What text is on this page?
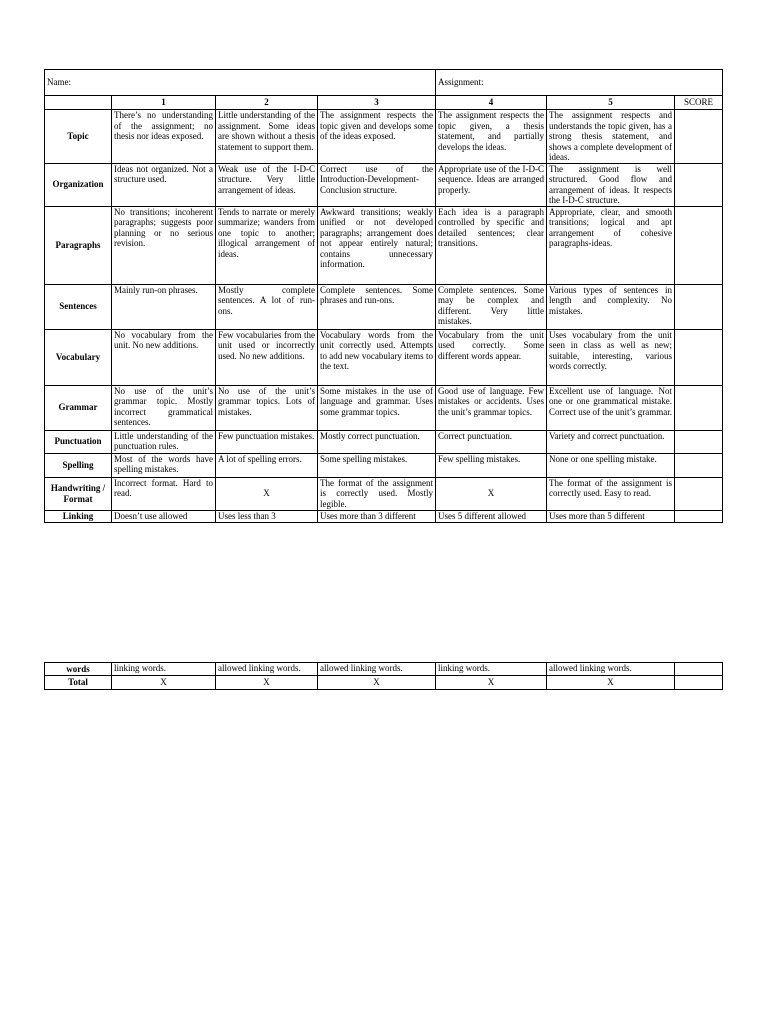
Name:				Assignment:		
	1	2	3	4	5	SCORE
Topic	There’s no understanding of the assignment; no thesis nor ideas exposed.	Little understanding of the assignment. Some ideas are shown without a thesis statement to support them.	The assignment respects the topic given and develops some of the ideas exposed.	The assignment respects the topic given, a thesis statement, and partially develops the ideas.	The assignment respects and understands the topic given, has a strong thesis statement, and shows a complete development of ideas.	
Organization	Ideas not organized. Not a structure used.	Weak use of the I-D-C structure. Very little arrangement of ideas.	Correct use of the Introduction-Development-Conclusion structure.	Appropriate use of the I-D-C sequence. Ideas are arranged properly.	The assignment is well structured. Good flow and arrangement of ideas. It respects the I-D-C structure.	
Paragraphs	No transitions; incoherent paragraphs; suggests poor planning or no serious revision.	Tends to narrate or merely summarize; wanders from one topic to another; illogical arrangement of ideas.	Awkward transitions; weakly unified or not developed paragraphs; arrangement does not appear entirely natural; contains unnecessary information.	Each idea is a paragraph controlled by specific and detailed sentences; clear transitions.	Appropriate, clear, and smooth transitions; logical and apt arrangement of cohesive paragraphs-ideas.	
Sentences	Mainly run-on phrases.	Mostly complete sentences. A lot of run-ons.	Complete sentences. Some phrases and run-ons.	Complete sentences. Some may be complex and different. Very little mistakes.	Various types of sentences in length and complexity. No mistakes.	
Vocabulary	No vocabulary from the unit. No new additions.	Few vocabularies from the unit used or incorrectly used. No new additions.	Vocabulary words from the unit correctly used. Attempts to add new vocabulary items to the text.	Vocabulary from the unit used correctly. Some different words appear.	Uses vocabulary from the unit seen in class as well as new; suitable, interesting, various words correctly.	
Grammar	No use of the unit’s grammar topic. Mostly incorrect grammatical sentences.	No use of the unit’s grammar topics. Lots of mistakes.	Some mistakes in the use of language and grammar. Uses some grammar topics.	Good use of language. Few mistakes or accidents. Uses the unit’s grammar topics.	Excellent use of language. Not one or one grammatical mistake. Correct use of the unit’s grammar.	
Punctuation	Little understanding of the punctuation rules.	Few punctuation mistakes.	Mostly correct punctuation.	Correct punctuation.	Variety and correct punctuation.	
Spelling	Most of the words have spelling mistakes.	A lot of spelling errors.	Some spelling mistakes.	Few spelling mistakes.	None or one spelling mistake.	
Handwriting / Format	Incorrect format. Hard to read.	X	The format of the assignment is correctly used. Mostly legible.	X	The format of the assignment is correctly used. Easy to read.	
Linking	Doesn’t use allowed	Uses less than 3	Uses more than 3 different	Uses 5 different allowed	Uses more than 5 different	
words	linking words.	allowed linking words.	allowed linking words.	linking words.	allowed linking words.	
Total	X	X	X	X	X	
